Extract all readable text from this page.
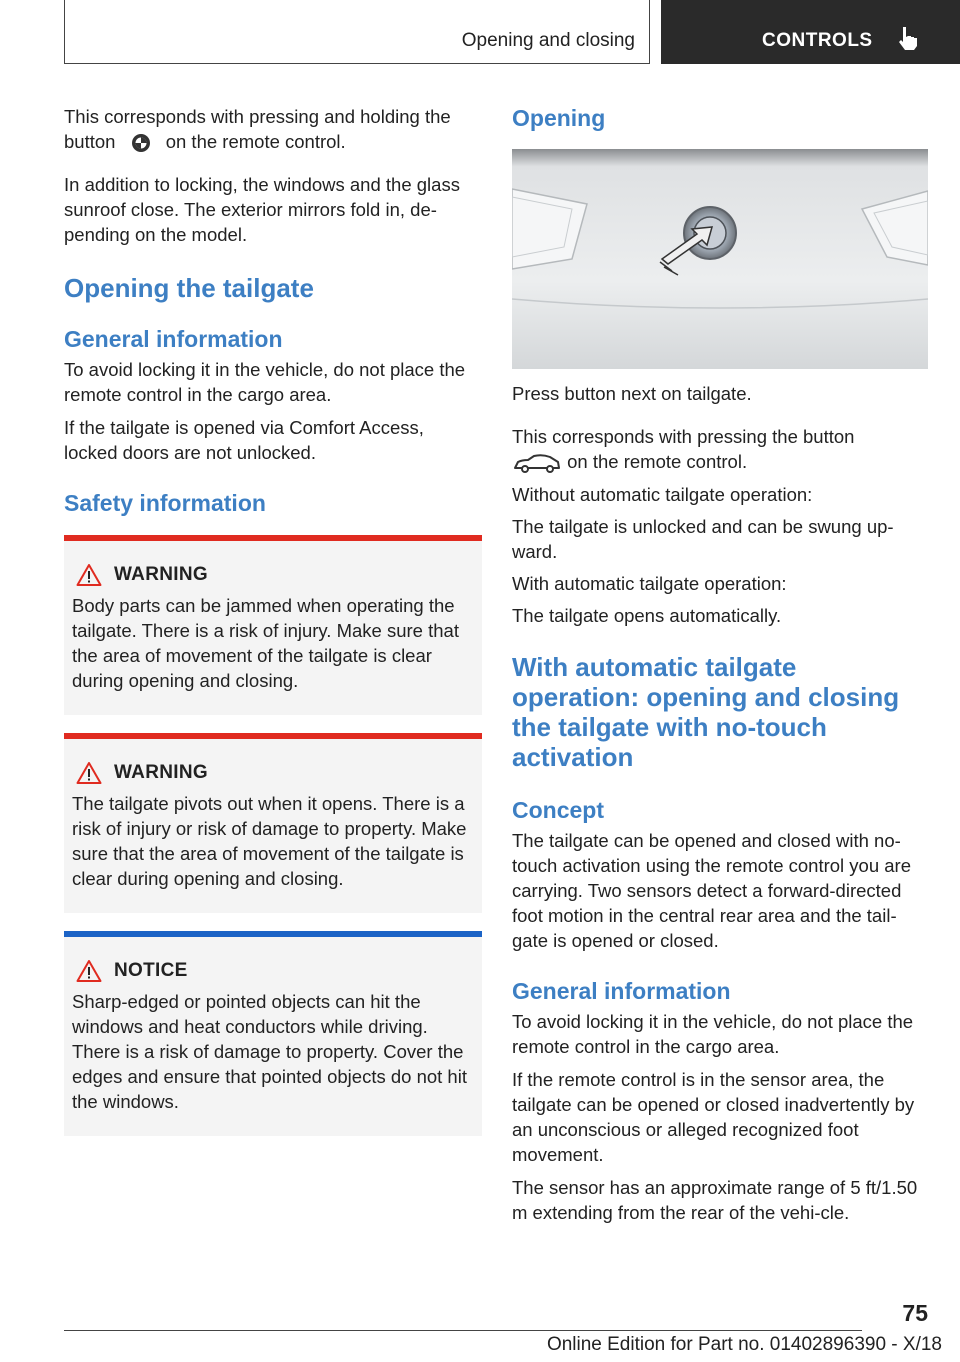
Opening and closing	CONTROLS

This corresponds with pressing and holding the
button	on the remote control.

In addition to locking, the windows and the glass sunroof close. The exterior mirrors fold in, de‐pending on the model.

Opening the tailgate
General information

To avoid locking it in the vehicle, do not place the remote control in the cargo area.

If the tailgate is opened via Comfort Access, locked doors are not unlocked.

Safety information
WARNING

Body parts can be jammed when operating the tailgate. There is a risk of injury. Make sure that the area of movement of the tailgate is clear during opening and closing.

WARNING

The tailgate pivots out when it opens. There is a risk of injury or risk of damage to property. Make sure that the area of movement of the tailgate is clear during opening and closing.

NOTICE

Sharp-edged or pointed objects can hit the windows and heat conductors while driving. There is a risk of damage to property. Cover the edges and ensure that pointed objects do not hit the windows.

Opening

Press button next on tailgate.

This corresponds with pressing the button
on the remote control.

Without automatic tailgate operation:

The tailgate is unlocked and can be swung up‐ward.

With automatic tailgate operation:

The tailgate opens automatically.

With automatic tailgate operation: opening and closing the tailgate with no-touch activation
Concept

The tailgate can be opened and closed with no-touch activation using the remote control you are carrying. Two sensors detect a forward-directed foot motion in the central rear area and the tail‐gate is opened or closed.

General information

To avoid locking it in the vehicle, do not place the remote control in the cargo area.

If the remote control is in the sensor area, the tailgate can be opened or closed inadvertently by an unconscious or alleged recognized foot movement.

The sensor has an approximate range of 5 ft/1.50 m extending from the rear of the vehi‐cle.

75
Online Edition for Part no. 01402896390 - X/18
